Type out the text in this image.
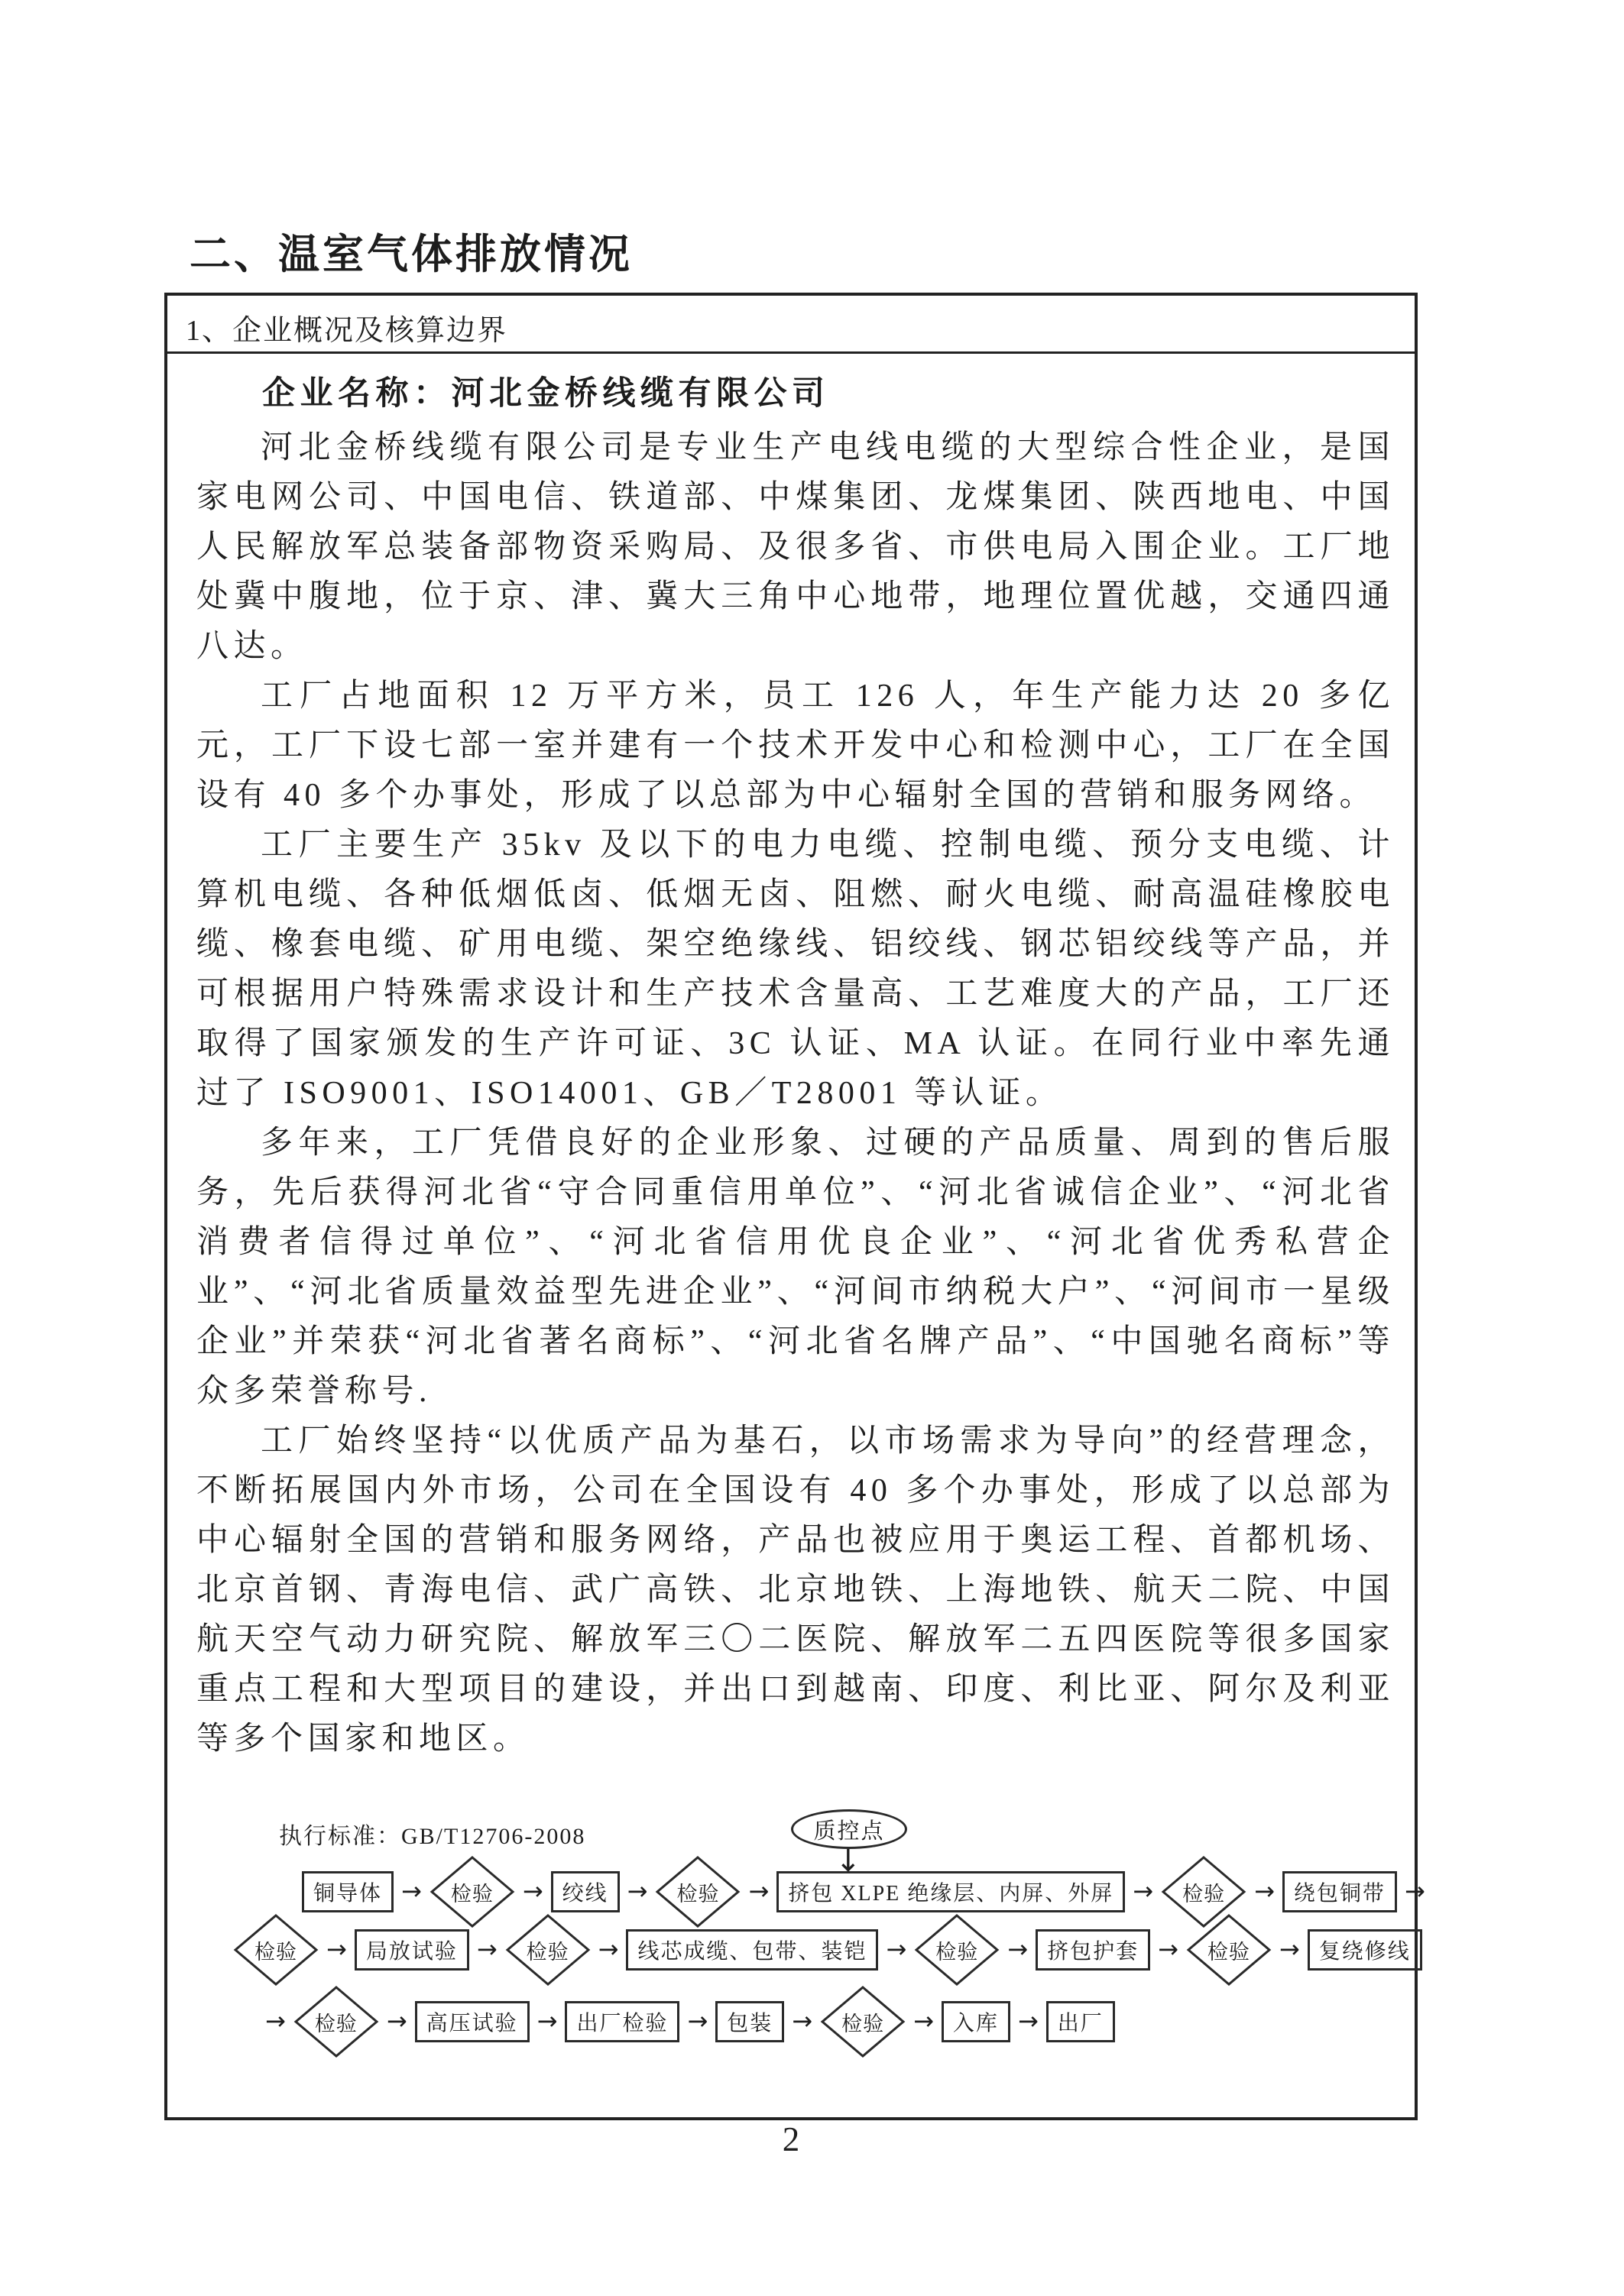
二、温室气体排放情况
1、企业概况及核算边界

企业名称：河北金桥线缆有限公司

河北金桥线缆有限公司是专业生产电线电缆的大型综合性企业，是国家电网公司、中国电信、铁道部、中煤集团、龙煤集团、陕西地电、中国人民解放军总装备部物资采购局、及很多省、市供电局入围企业。工厂地处冀中腹地，位于京、津、冀大三角中心地带，地理位置优越，交通四通八达。

工厂占地面积 12 万平方米，员工 126 人，年生产能力达 20 多亿元，工厂下设七部一室并建有一个技术开发中心和检测中心，工厂在全国设有 40 多个办事处，形成了以总部为中心辐射全国的营销和服务网络。

工厂主要生产 35kv 及以下的电力电缆、控制电缆、预分支电缆、计算机电缆、各种低烟低卤、低烟无卤、阻燃、耐火电缆、耐高温硅橡胶电缆、橡套电缆、矿用电缆、架空绝缘线、铝绞线、钢芯铝绞线等产品，并可根据用户特殊需求设计和生产技术含量高、工艺难度大的产品，工厂还取得了国家颁发的生产许可证、3C 认证、MA 认证。在同行业中率先通过了 ISO9001、ISO14001、GB／T28001 等认证。

多年来，工厂凭借良好的企业形象、过硬的产品质量、周到的售后服务，先后获得河北省“守合同重信用单位”、“河北省诚信企业”、“河北省消费者信得过单位”、“河北省信用优良企业”、“河北省优秀私营企业”、“河北省质量效益型先进企业”、“河间市纳税大户”、“河间市一星级企业”并荣获“河北省著名商标”、“河北省名牌产品”、“中国驰名商标”等众多荣誉称号.

工厂始终坚持“以优质产品为基石，以市场需求为导向”的经营理念，不断拓展国内外市场，公司在全国设有 40 多个办事处，形成了以总部为中心辐射全国的营销和服务网络，产品也被应用于奥运工程、首都机场、北京首钢、青海电信、武广高铁、北京地铁、上海地铁、航天二院、中国航天空气动力研究院、解放军三〇二医院、解放军二五四医院等很多国家重点工程和大型项目的建设，并出口到越南、印度、利比亚、阿尔及利亚等多个国家和地区。

执行标准：GB/T12706-2008	质控点
↓
铜导体 → 检验 → 绞线 → 检验 → 挤包 XLPE 绝缘层、内屏、外屏 → 检验 → 绕包铜带 →
检验 → 局放试验 → 检验 → 线芯成缆、包带、装铠 → 检验 → 挤包护套 → 检验 → 复绕修线
→ 检验 → 高压试验 → 出厂检验 → 包装 → 检验 → 入库 → 出厂
2
